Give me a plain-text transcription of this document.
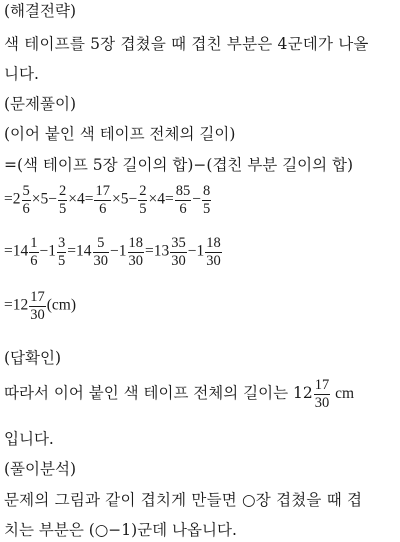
(해결전략)
색 테이프를 5장 겹쳤을 때 겹친 부분은 4군데가 나올
니다.
(문제풀이)
(이어 붙인 색 테이프 전체의 길이)
=(색 테이프 5장 길이의 합)−(겹친 부분 길이의 합)
$=2 \frac{5}{6} \times 5- \frac{2}{5} \times 4= \frac{17}{6} \times 5- \frac{2}{5} \times 4= \frac{85}{6} - \frac{8}{5}$
$=14 \frac{1}{6} -1 \frac{3}{5} =14 \frac{5}{30} -1 \frac{18}{30} =13 \frac{35}{30} -1 \frac{18}{30}$
$=12 \frac{17}{30} (cm)$
(답확인)
따라서 이어 붙인 색 테이프 전체의 길이는 $12 \frac{17}{30}$ cm
입니다.
(풀이분석)
문제의 그림과 같이 겹치게 만들면 ○장 겹쳤을 때 겹
치는 부분은 (○−1)군데 나옵니다.
